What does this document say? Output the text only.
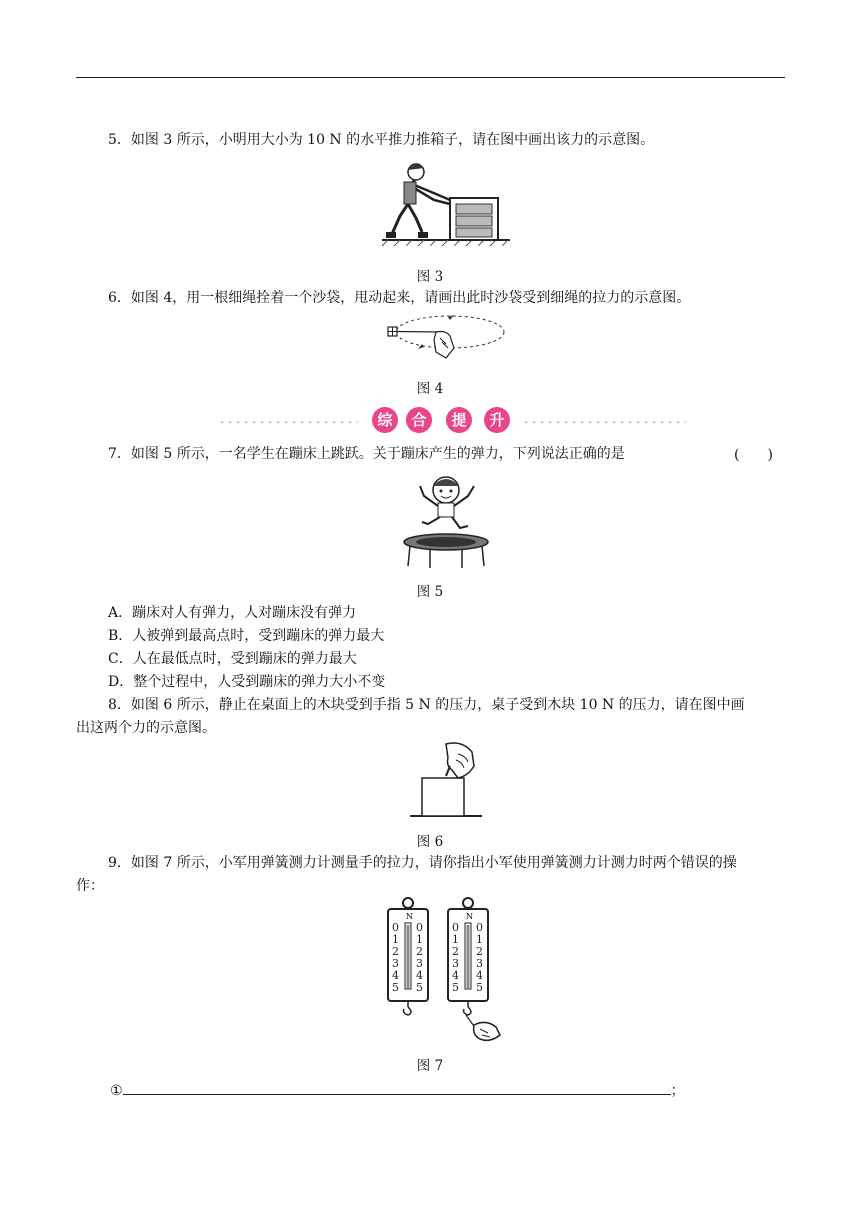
5．如图 3 所示，小明用大小为 10 N 的水平推力推箱子，请在图中画出该力的示意图。
图 3
6．如图 4，用一根细绳拴着一个沙袋，甩动起来，请画出此时沙袋受到细绳的拉力的示意图。
图 4
综	合	提	升
7．如图 5 所示，一名学生在蹦床上跳跃。关于蹦床产生的弹力，下列说法正确的是	(　　)
图 5
A．蹦床对人有弹力，人对蹦床没有弹力
B．人被弹到最高点时，受到蹦床的弹力最大
C．人在最低点时，受到蹦床的弹力最大
D．整个过程中，人受到蹦床的弹力大小不变
8．如图 6 所示，静止在桌面上的木块受到手指 5 N 的压力，桌子受到木块 10 N 的压力，请在图中画
出这两个力的示意图。
图 6
9．如图 7 所示，小军用弹簧测力计测量手的拉力，请你指出小军使用弹簧测力计测力时两个错误的操
作：
N
0
1
2
3
4
5
0
1
2
3
4
5
N
0
1
2
3
4
5
0
1
2
3
4
5
图 7
①	；
